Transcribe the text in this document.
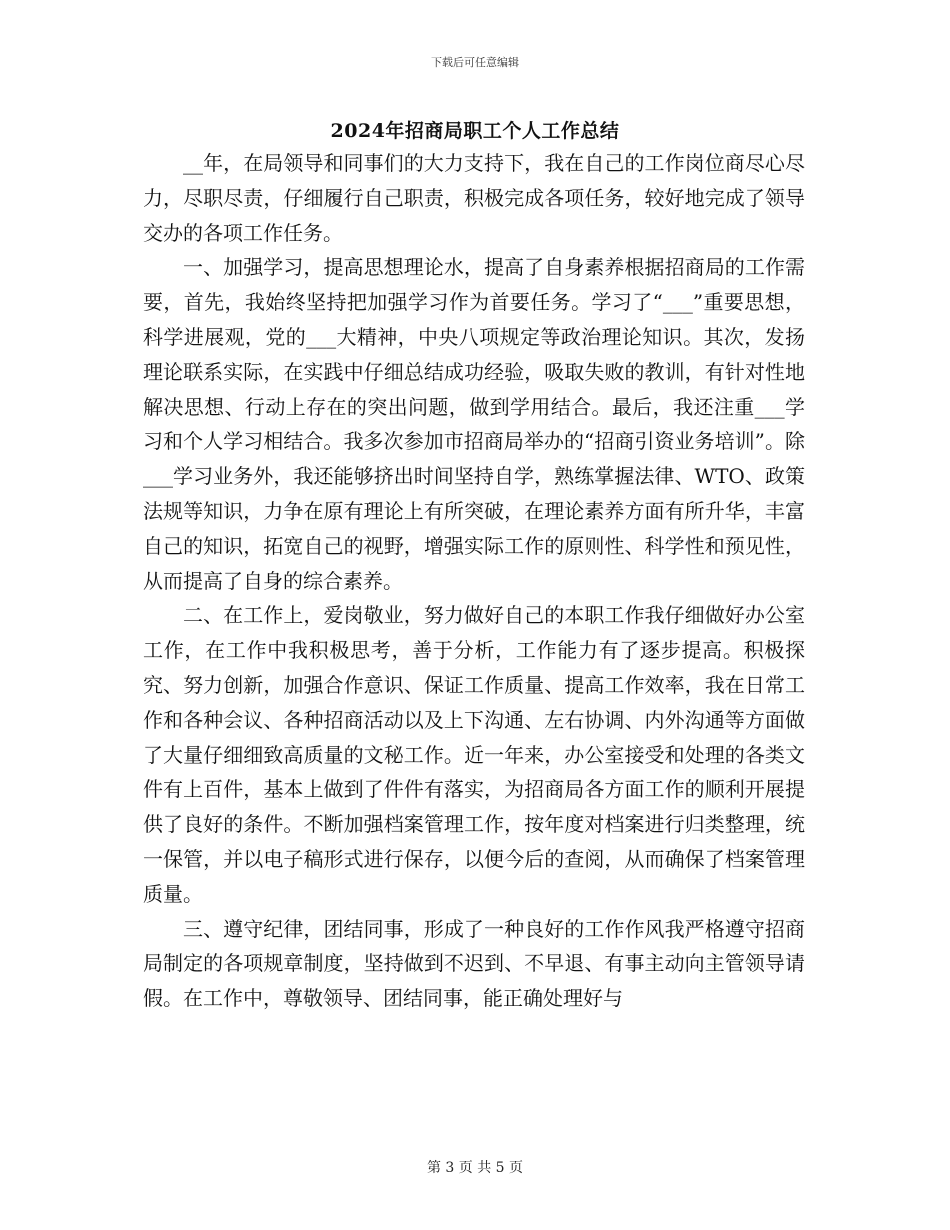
下载后可任意编辑
2024年招商局职工个人工作总结

__年，在局领导和同事们的大力支持下，我在自己的工作岗位商尽心尽力，尽职尽责，仔细履行自己职责，积极完成各项任务，较好地完成了领导交办的各项工作任务。

一、加强学习，提高思想理论水，提高了自身素养根据招商局的工作需要，首先，我始终坚持把加强学习作为首要任务。学习了“___”重要思想，科学进展观，党的___大精神，中央八项规定等政治理论知识。其次，发扬理论联系实际，在实践中仔细总结成功经验，吸取失败的教训，有针对性地解决思想、行动上存在的突出问题，做到学用结合。最后，我还注重___学习和个人学习相结合。我多次参加市招商局举办的“招商引资业务培训”。除___学习业务外，我还能够挤出时间坚持自学，熟练掌握法律、WTO、政策法规等知识，力争在原有理论上有所突破，在理论素养方面有所升华，丰富自己的知识，拓宽自己的视野，增强实际工作的原则性、科学性和预见性，从而提高了自身的综合素养。

二、在工作上，爱岗敬业，努力做好自己的本职工作我仔细做好办公室工作，在工作中我积极思考，善于分析，工作能力有了逐步提高。积极探究、努力创新，加强合作意识、保证工作质量、提高工作效率，我在日常工作和各种会议、各种招商活动以及上下沟通、左右协调、内外沟通等方面做了大量仔细细致高质量的文秘工作。近一年来，办公室接受和处理的各类文件有上百件，基本上做到了件件有落实，为招商局各方面工作的顺利开展提供了良好的条件。不断加强档案管理工作，按年度对档案进行归类整理，统一保管，并以电子稿形式进行保存，以便今后的查阅，从而确保了档案管理质量。

三、遵守纪律，团结同事，形成了一种良好的工作作风我严格遵守招商局制定的各项规章制度，坚持做到不迟到、不早退、有事主动向主管领导请假。在工作中，尊敬领导、团结同事，能正确处理好与

第 3 页 共 5 页
